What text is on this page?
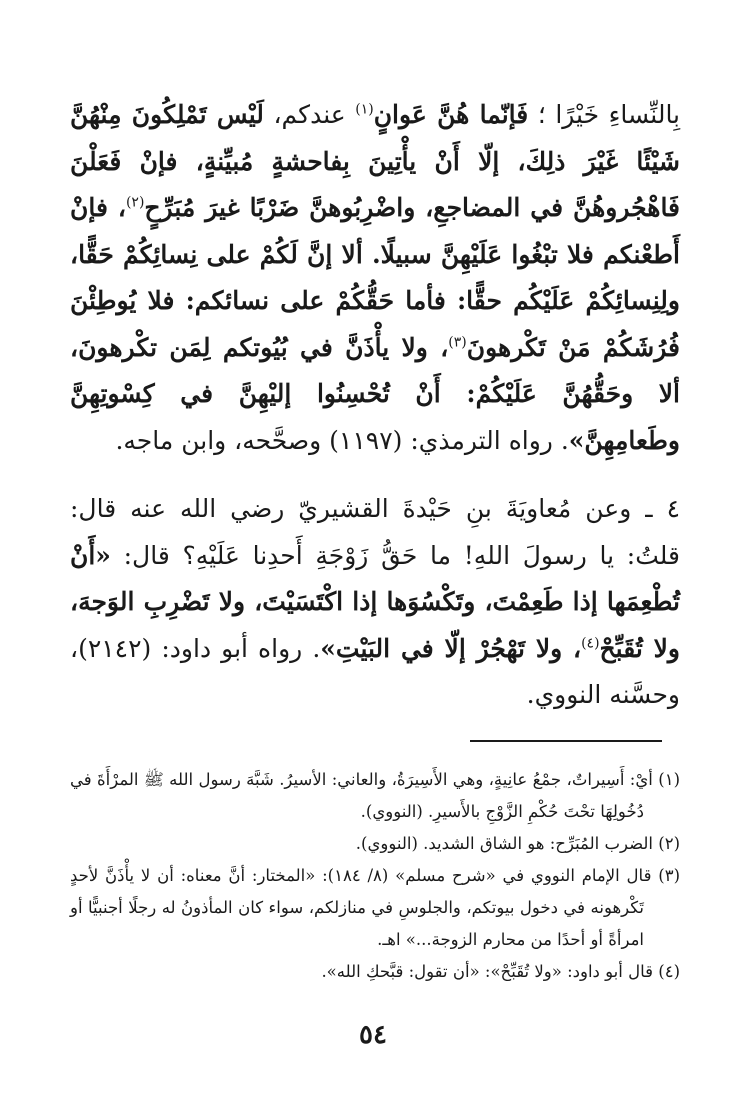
بِالنِّساءِ خَيْرًا ؛ فَإنّما هُنَّ عَوانٍ$^{(١)}$ عندكم، لَيْس تَمْلِكُونَ مِنْهُنَّ شَيْئًا غَيْرَ ذلِكَ، إلّا أَنْ يأْتِينَ بِفاحشةٍ مُبيِّنةٍ، فإنْ فَعَلْنَ فَاهْجُروهُنَّ في المضاجعِ، واضْرِبُوهنَّ ضَرْبًا غيرَ مُبَرِّحٍ$^{(٢)}$، فإنْ أَطعْنكم فلا تبْغُوا عَلَيْهِنَّ سبيلًا. ألا إنَّ لَكُمْ على نِسائِكُمْ حَقًّا، ولِنِسائِكُمْ عَلَيْكُم حقًّا: فأما حَقُّكُمْ على نسائكم: فلا يُوطِئْنَ فُرُشَكُمْ مَنْ تَكْرهونَ$^{(٣)}$، ولا يأْذَنَّ في بُيُوتكم لِمَن تكْرهونَ، ألا وحَقُّهُنَّ عَلَيْكُمْ: أَنْ تُحْسِنُوا إليْهِنَّ في كِسْوتِهِنَّ وطَعامِهِنَّ». رواه الترمذي: (١١٩٧) وصحَّحه، وابن ماجه.

٤ ـ وعن مُعاويَةَ بنِ حَيْدةَ القشيريّ رضي الله عنه قال: قلتُ: يا رسولَ اللهِ! ما حَقُّ زَوْجَةِ أَحدِنا عَلَيْهِ؟ قال: «أَنْ تُطْعِمَها إذا طَعِمْتَ، وتَكْسُوَها إذا اكْتَسَيْتَ، ولا تَضْرِبِ الوَجهَ، ولا تُقَبِّحْ$^{(٤)}$، ولا تَهْجُرْ إلّا في البَيْتِ». رواه أبو داود: (٢١٤٢)، وحسَّنه النووي.

(١) أيْ: أَسِيراتٌ، جمْعُ عانِيةٍ، وهي الأَسِيرَةُ، والعاني: الأسيرُ. شَبَّهَ رسول الله ﷺ المرْأَةَ في دُخُولِهَا تحْتَ حُكْمِ الزَّوْجِ بالأَسيرِ. (النووي).

(٢) الضرب المُبَرِّح: هو الشاق الشديد. (النووي).

(٣) قال الإمام النووي في «شرح مسلم» (٨/ ١٨٤): «المختار: أنَّ معناه: أن لا يأْذَنَّ لأحدٍ تَكْرهونه في دخول بيوتكم، والجلوسِ في منازلكم، سواء كان المأذونُ له رجلًا أجنبيًّا أو امرأةً أو أحدًا من محارم الزوجة...» اهـ.

(٤) قال أبو داود: «ولا تُقَبِّحْ»: «أن تقول: قبَّحكِ الله».

٥٤
